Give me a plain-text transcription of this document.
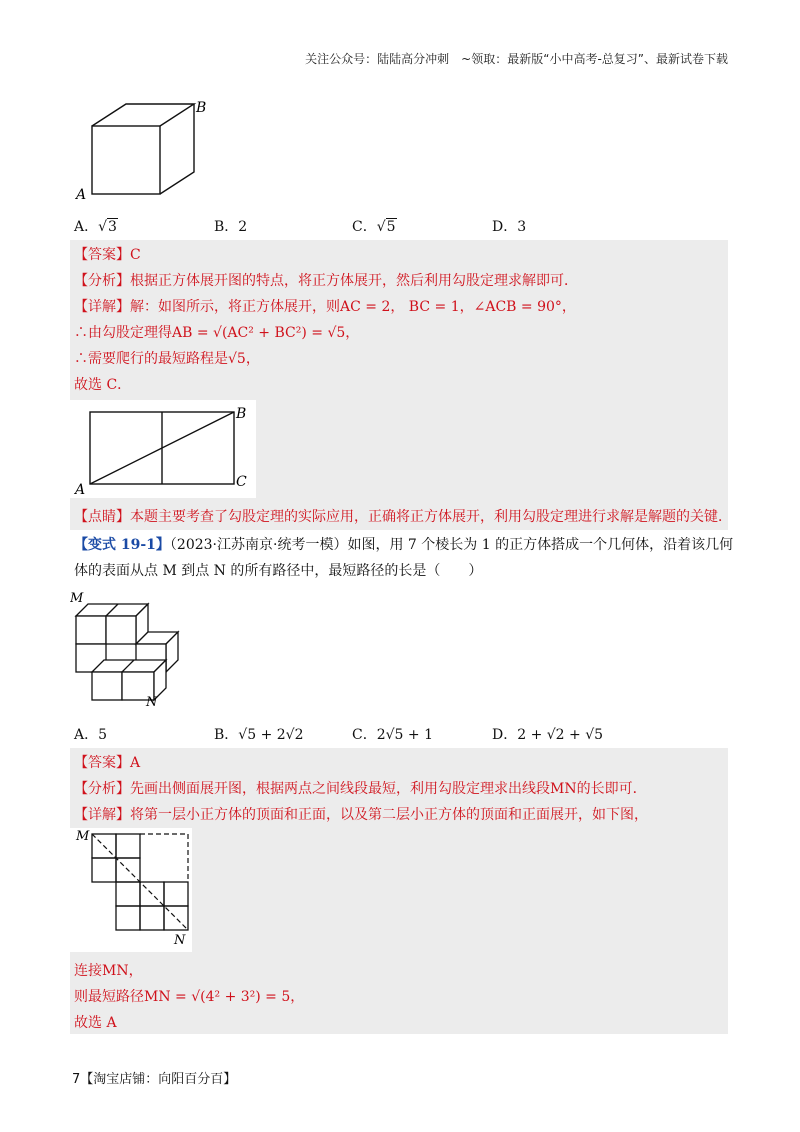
关注公众号：陆陆高分冲刺　~领取：最新版“小中高考-总复习”、最新试卷下载
A
B
A．√3	B．2	C．√5	D．3
【答案】C
【分析】根据正方体展开图的特点，将正方体展开，然后利用勾股定理求解即可．
【详解】解：如图所示，将正方体展开，则AC = 2， BC = 1，∠ACB = 90°，
∴由勾股定理得AB = √(AC² + BC²) = √5，
∴需要爬行的最短路程是√5，
故选 C．
A
B
C
【点睛】本题主要考查了勾股定理的实际应用，正确将正方体展开，利用勾股定理进行求解是解题的关键．
【变式 19-1】（2023·江苏南京·统考一模）如图，用 7 个棱长为 1 的正方体搭成一个几何体，沿着该几何
体的表面从点 M 到点 N 的所有路径中，最短路径的长是（　　）
M
N
A．5	B．√5 + 2√2	C．2√5 + 1	D．2 + √2 + √5
【答案】A
【分析】先画出侧面展开图，根据两点之间线段最短，利用勾股定理求出线段MN的长即可．
【详解】将第一层小正方体的顶面和正面，以及第二层小正方体的顶面和正面展开，如下图，
M
N
连接MN，
则最短路径MN = √(4² + 3²) = 5，
故选 A
7【淘宝店铺：向阳百分百】
